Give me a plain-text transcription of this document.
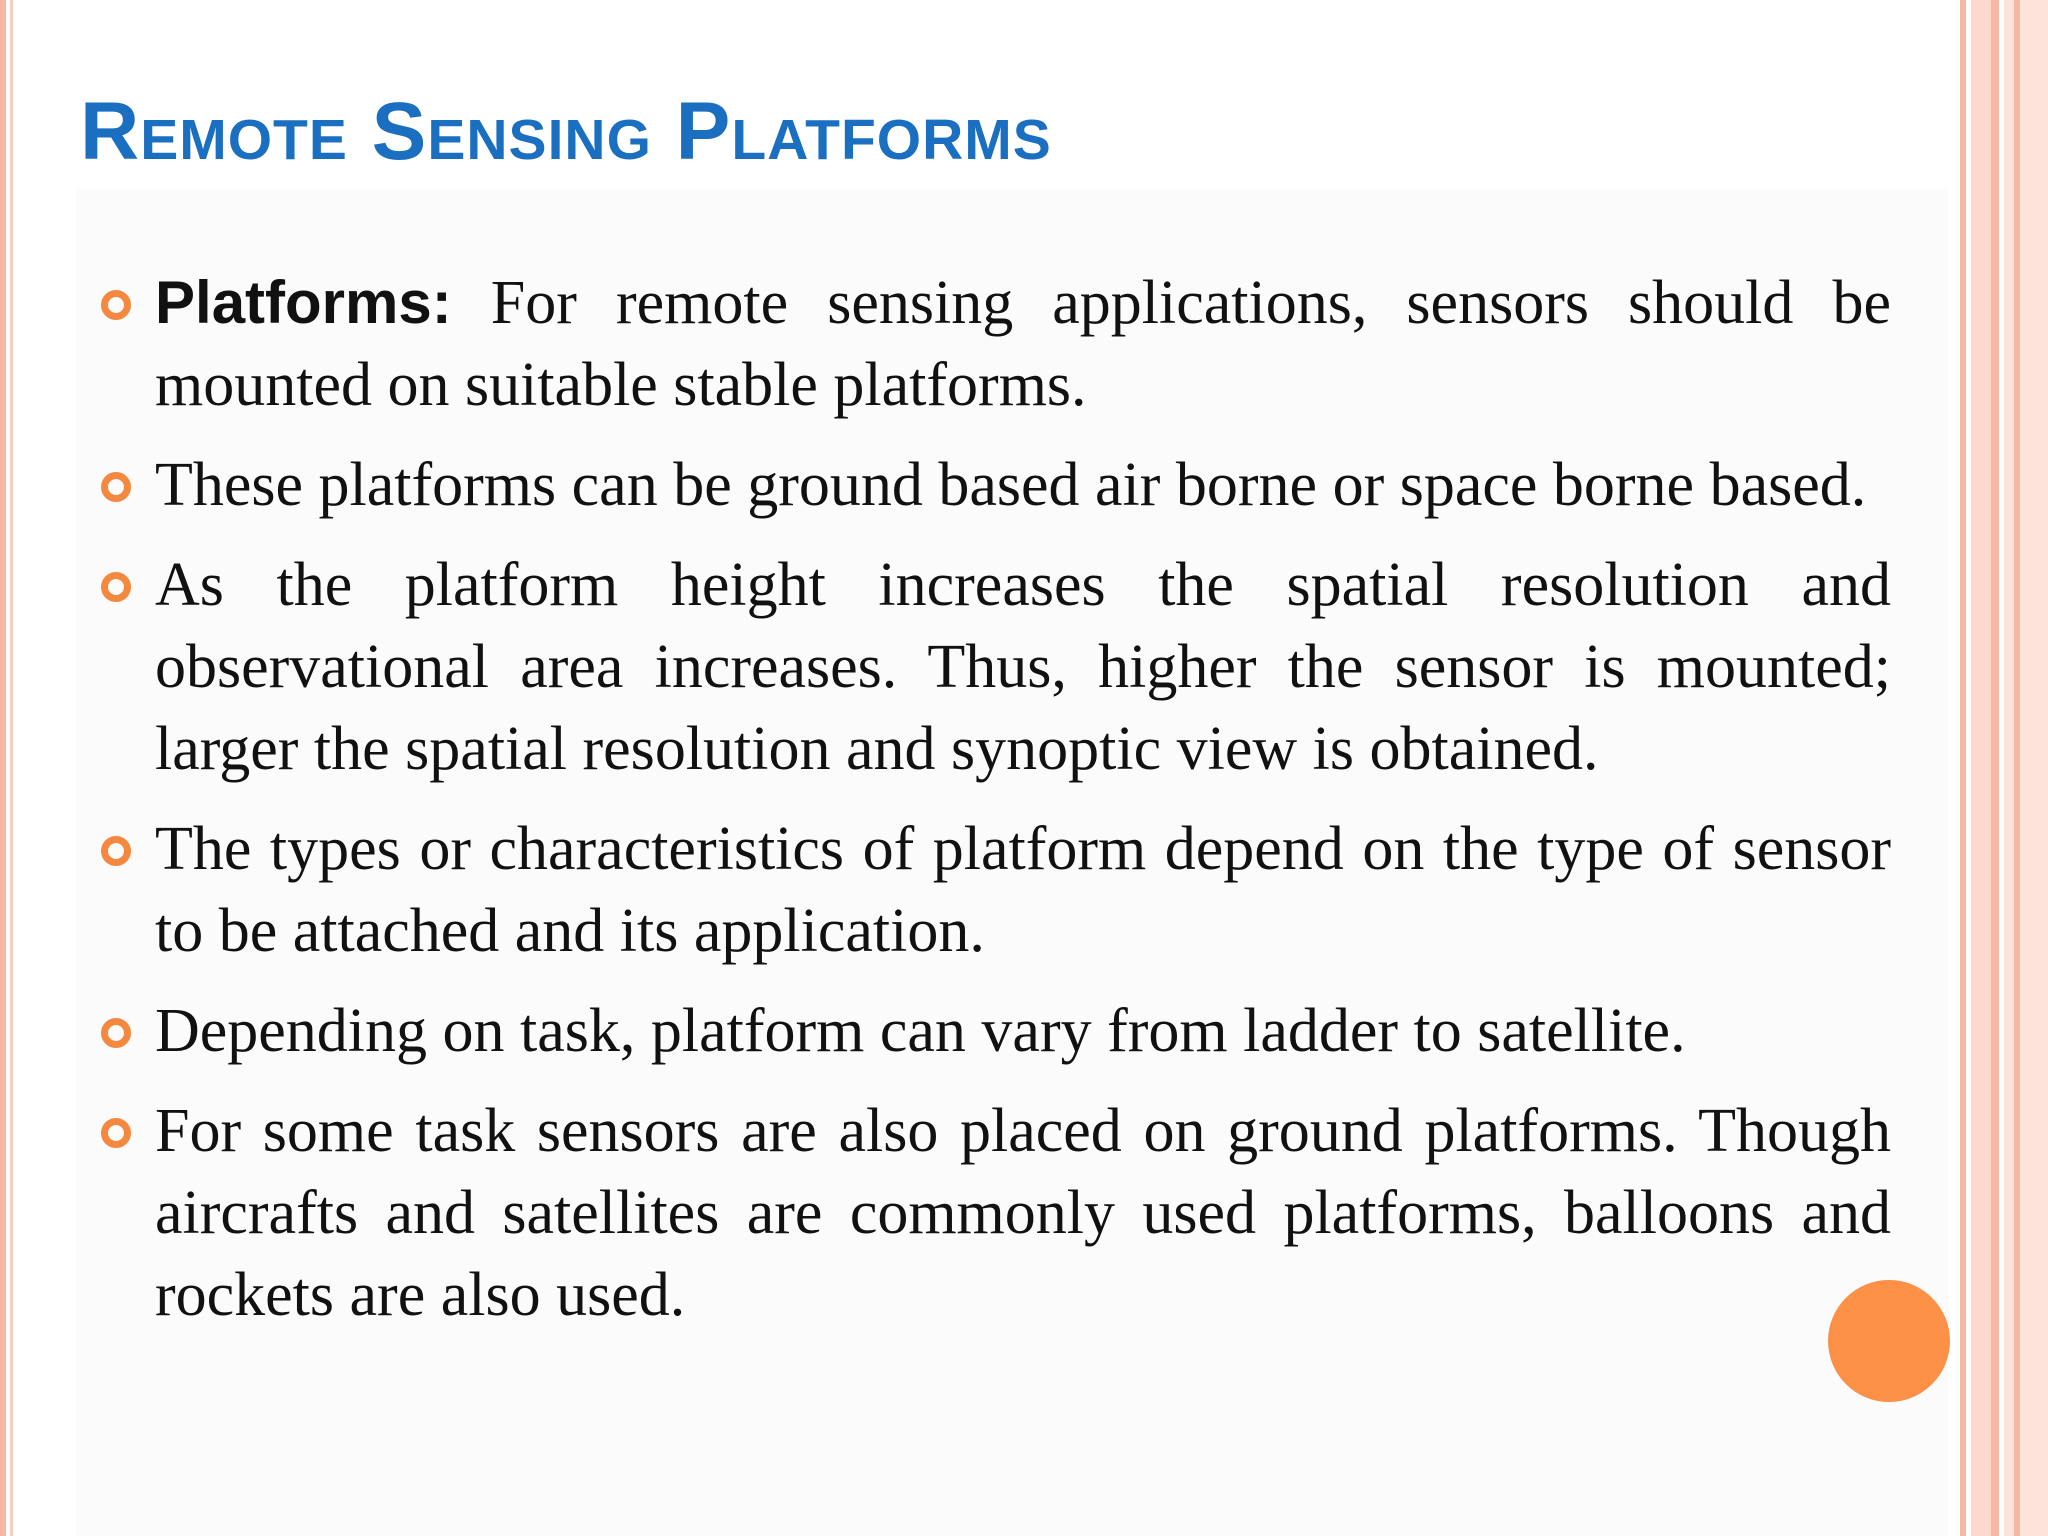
Remote Sensing Platforms
Platforms: For remote sensing applications, sensors should be mounted on suitable stable platforms.
These platforms can be ground based air borne or space borne based.
As the platform height increases the spatial resolution and observational area increases. Thus, higher the sensor is mounted; larger the spatial resolution and synoptic view is obtained.
The types or characteristics of platform depend on the type of sensor to be attached and its application.
Depending on task, platform can vary from ladder to satellite.
For some task sensors are also placed on ground platforms. Though aircrafts and satellites are commonly used platforms, balloons and rockets are also used.
